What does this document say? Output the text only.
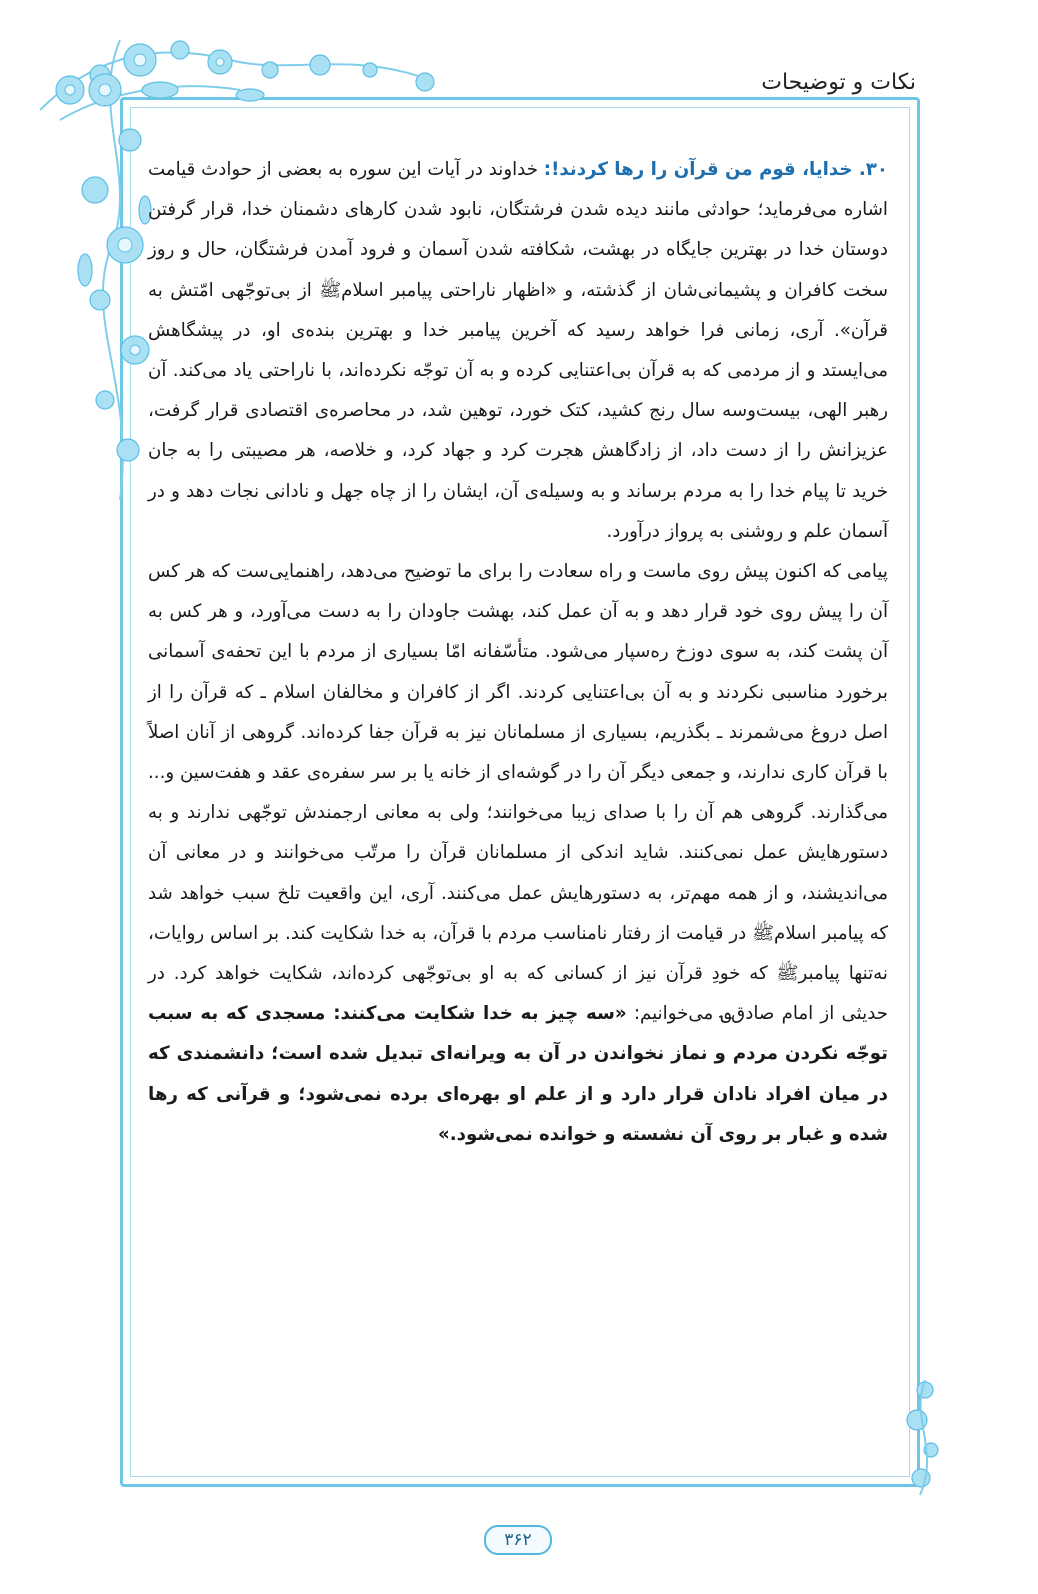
نکات و توضیحات

۳۰. خدایا، قوم من قرآن را رها کردند!: خداوند در آیات این سوره به بعضی از حوادث قیامت اشاره می‌فرماید؛ حوادثی مانند دیده شدن فرشتگان، نابود شدن کارهای دشمنان خدا، قرار گرفتن دوستان خدا در بهترین جایگاه در بهشت، شکافته شدن آسمان و فرود آمدن فرشتگان، حال و روز سخت کافران و پشیمانی‌شان از گذشته، و «اظهار ناراحتی پیامبر اسلامﷺ از بی‌توجّهی امّتش به قرآن». آری، زمانی فرا خواهد رسید که آخرین پیامبر خدا و بهترین بنده‌ی او، در پیشگاهش می‌ایستد و از مردمی که به قرآن بی‌اعتنایی کرده و به آن توجّه نکرده‌اند، با ناراحتی یاد می‌کند. آن رهبر الهی، بیست‌وسه سال رنج کشید، کتک خورد، توهین شد، در محاصره‌ی اقتصادی قرار گرفت، عزیزانش را از دست داد، از زادگاهش هجرت کرد و جهاد کرد، و خلاصه، هر مصیبتی را به جان خرید تا پیام خدا را به مردم برساند و به وسیله‌ی آن، ایشان را از چاه جهل و نادانی نجات دهد و در آسمان علم و روشنی به پرواز درآورد.

پیامی که اکنون پیش روی ماست و راه سعادت را برای ما توضیح می‌دهد، راهنمایی‌ست که هر کس آن را پیش روی خود قرار دهد و به آن عمل کند، بهشت جاودان را به دست می‌آورد، و هر کس به آن پشت کند، به سوی دوزخ ره‌سپار می‌شود. متأسّفانه امّا بسیاری از مردم با این تحفه‌ی آسمانی برخورد مناسبی نکردند و به آن بی‌اعتنایی کردند. اگر از کافران و مخالفان اسلام ـ که قرآن را از اصل دروغ می‌شمرند ـ بگذریم، بسیاری از مسلمانان نیز به قرآن جفا کرده‌اند. گروهی از آنان اصلاً با قرآن کاری ندارند، و جمعی دیگر آن را در گوشه‌ای از خانه یا بر سر سفره‌ی عقد و هفت‌سین و... می‌گذارند. گروهی هم آن را با صدای زیبا می‌خوانند؛ ولی به معانی ارجمندش توجّهی ندارند و به دستورهایش عمل نمی‌کنند. شاید اندکی از مسلمانان قرآن را مرتّب می‌خوانند و در معانی آن می‌اندیشند، و از همه مهم‌تر، به دستورهایش عمل می‌کنند. آری، این واقعیت تلخ سبب خواهد شد که پیامبر اسلامﷺ در قیامت از رفتار نامناسب مردم با قرآن، به خدا شکایت کند. بر اساس روایات، نه‌تنها پیامبرﷺ که خودِ قرآن نیز از کسانی که به او بی‌توجّهی کرده‌اند، شکایت خواهد کرد. در حدیثی از امام صادق‌؈ می‌خوانیم: «سه چیز به خدا شکایت می‌کنند: مسجدی که به سبب توجّه نکردن مردم و نماز نخواندن در آن به ویرانه‌ای تبدیل شده است؛ دانشمندی که در میان افراد نادان قرار دارد و از علم او بهره‌ای برده نمی‌شود؛ و قرآنی که رها شده و غبار بر روی آن نشسته و خوانده نمی‌شود.»

۳۶۲
